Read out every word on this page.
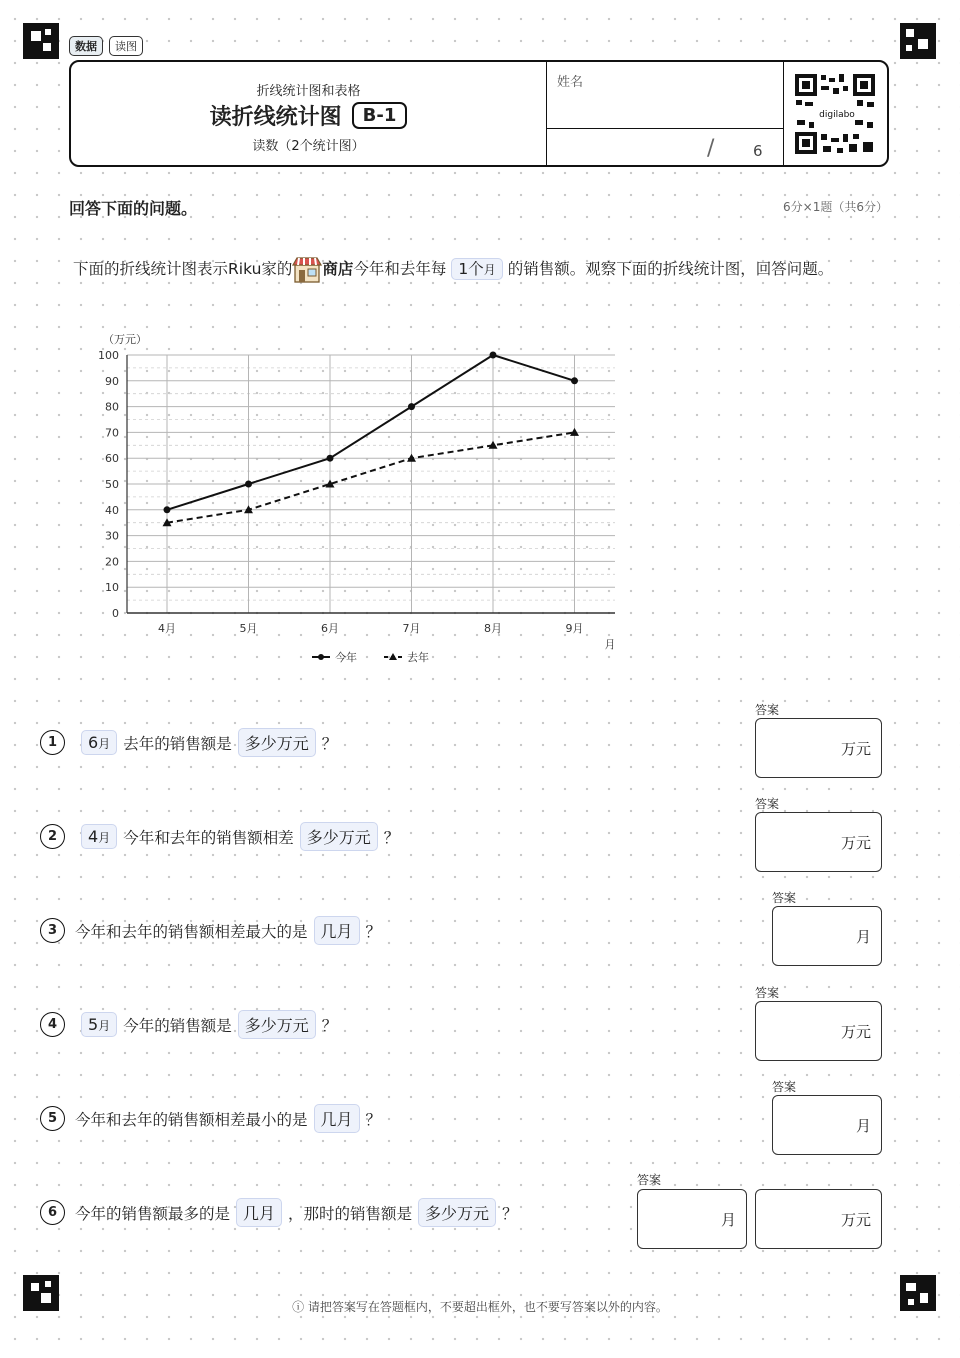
数据	读图
折线统计图和表格
读折线统计图	B-1
读数（2个统计图）
姓名
/	6
digilabo
回答下面的问题。	6分×1题（共6分）
下面的折线统计图表示Riku家的 商店今年和去年每 1个月 的销售额。观察下面的折线统计图，回答问题。
0
10
20
30
40
50
60
70
80
90
100
4月	5月	6月	7月	8月	9月
（万元）
月
今年	去年
1	6月 去年的销售额是 多少万元 ？
答案
万元
2	4月 今年和去年的销售额相差 多少万元 ？
答案
万元
3	今年和去年的销售额相差最大的是 几月 ？
答案
月
4	5月 今年的销售额是 多少万元 ？
答案
万元
5	今年和去年的销售额相差最小的是 几月 ？
答案
月
6	今年的销售额最多的是 几月 ，那时的销售额是 多少万元 ？
答案
月	万元
ⓘ 请把答案写在答题框内，不要超出框外，也不要写答案以外的内容。
